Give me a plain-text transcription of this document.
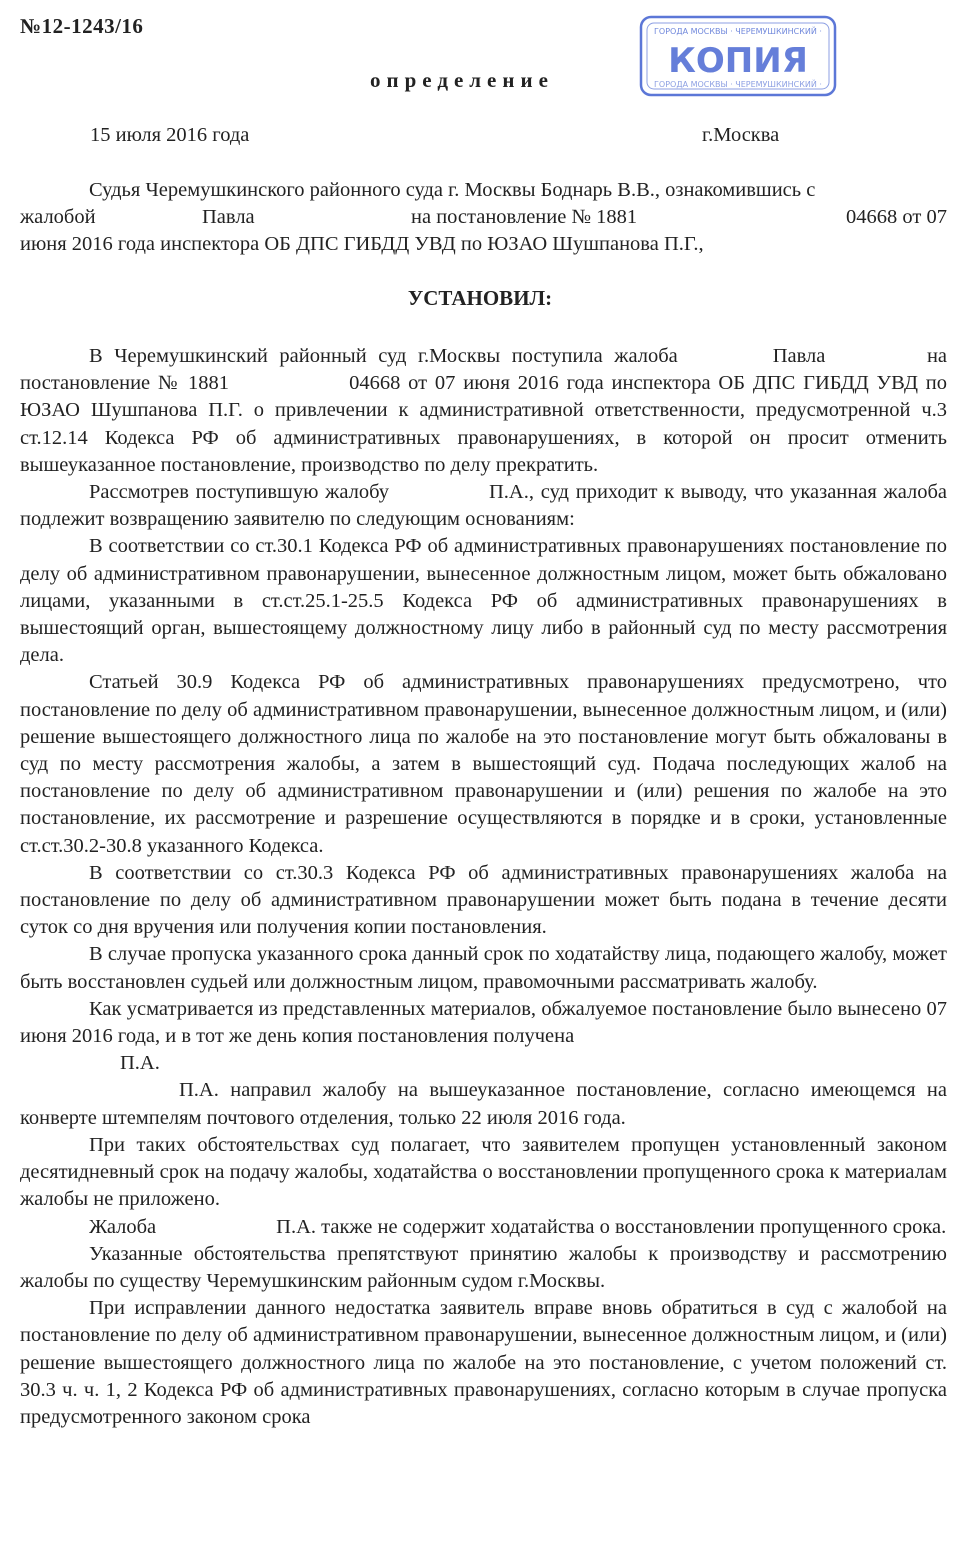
№12-1243/16
определение
ГОРОДА МОСКВЫ · ЧЕРЕМУШКИНСКИЙ ·
КОПИЯ
ГОРОДА МОСКВЫ · ЧЕРЕМУШКИНСКИЙ ·
15 июля 2016 года	г.Москва

Судья Черемушкинского районного суда г. Москвы Боднарь В.В., ознакомившись с

жалобой	Павла	на постановление № 1881	04668 от 07
июня 2016 года инспектора ОБ ДПС ГИБДД УВД по ЮЗАО Шушпанова П.Г.,
УСТАНОВИЛ:

В Черемушкинский районный суд г.Москвы поступила жалоба	Павла	на постановление № 1881	04668 от 07 июня 2016 года инспектора ОБ ДПС ГИБДД УВД по ЮЗАО Шушпанова П.Г. о привлечении к административной ответственности, предусмотренной ч.3 ст.12.14 Кодекса РФ об административных правонарушениях, в которой он просит отменить вышеуказанное постановление, производство по делу прекратить.

Рассмотрев поступившую жалобу	П.А., суд приходит к выводу, что указанная жалоба подлежит возвращению заявителю по следующим основаниям:

В соответствии со ст.30.1 Кодекса РФ об административных правонарушениях постановление по делу об административном правонарушении, вынесенное должностным лицом, может быть обжаловано лицами, указанными в ст.ст.25.1-25.5 Кодекса РФ об административных правонарушениях в вышестоящий орган, вышестоящему должностному лицу либо в районный суд по месту рассмотрения дела.

Статьей 30.9 Кодекса РФ об административных правонарушениях предусмотрено, что постановление по делу об административном правонарушении, вынесенное должностным лицом, и (или) решение вышестоящего должностного лица по жалобе на это постановление могут быть обжалованы в суд по месту рассмотрения жалобы, а затем в вышестоящий суд. Подача последующих жалоб на постановление по делу об административном правонарушении и (или) решения по жалобе на это постановление, их рассмотрение и разрешение осуществляются в порядке и в сроки, установленные ст.ст.30.2-30.8 указанного Кодекса.

В соответствии со ст.30.3 Кодекса РФ об административных правонарушениях жалоба на постановление по делу об административном правонарушении может быть подана в течение десяти суток со дня вручения или получения копии постановления.

В случае пропуска указанного срока данный срок по ходатайству лица, подающего жалобу, может быть восстановлен судьей или должностным лицом, правомочными рассматривать жалобу.

Как усматривается из представленных материалов, обжалуемое постановление было вынесено 07 июня 2016 года, и в тот же день копия постановления получена
П.А.

П.А. направил жалобу на вышеуказанное постановление, согласно имеющемся на конверте штемпелям почтового отделения, только 22 июля 2016 года.

При таких обстоятельствах суд полагает, что заявителем пропущен установленный законом десятидневный срок на подачу жалобы, ходатайства о восстановлении пропущенного срока к материалам жалобы не приложено.

Жалоба	П.А. также не содержит ходатайства о восстановлении пропущенного срока.

Указанные обстоятельства препятствуют принятию жалобы к производству и рассмотрению жалобы по существу Черемушкинским районным судом г.Москвы.

При исправлении данного недостатка заявитель вправе вновь обратиться в суд с жалобой на постановление по делу об административном правонарушении, вынесенное должностным лицом, и (или) решение вышестоящего должностного лица по жалобе на это постановление, с учетом положений ст. 30.3 ч. ч. 1, 2 Кодекса РФ об административных правонарушениях, согласно которым в случае пропуска предусмотренного законом срока
